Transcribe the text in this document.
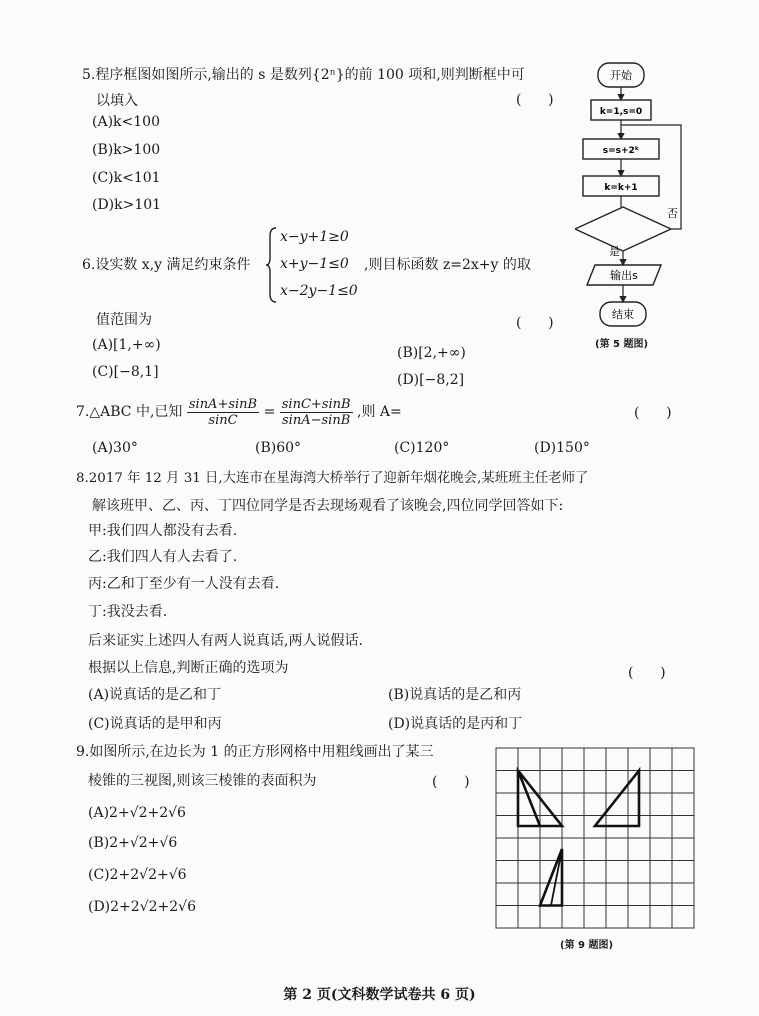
5.程序框图如图所示,输出的 s 是数列{2ⁿ}的前 100 项和,则判断框中可
以填入	(      )
(A)k<100
(B)k>100
(C)k<101
(D)k>101
6.设实数 x,y 满足约束条件
x−y+1≥0
x+y−1≤0
x−2y−1≤0
,则目标函数 z=2x+y 的取
值范围为	(      )
(A)[1,+∞)	(B)[2,+∞)
(C)[−8,1]	(D)[−8,2]
7.△ABC 中,已知 $\frac{\sin A+\sin B}{\sin C} = \frac{\sin C+\sin B}{\sin A-\sin B}$ ,则 A=	(      )
(A)30°	(B)60°	(C)120°	(D)150°
8.2017 年 12 月 31 日,大连市在星海湾大桥举行了迎新年烟花晚会,某班班主任老师了
解该班甲、乙、丙、丁四位同学是否去现场观看了该晚会,四位同学回答如下:
甲:我们四人都没有去看.
乙:我们四人有人去看了.
丙:乙和丁至少有一人没有去看.
丁:我没去看.
后来证实上述四人有两人说真话,两人说假话.
根据以上信息,判断正确的选项为	(      )
(A)说真话的是乙和丁	(B)说真话的是乙和丙
(C)说真话的是甲和丙	(D)说真话的是丙和丁
9.如图所示,在边长为 1 的正方形网格中用粗线画出了某三
棱锥的三视图,则该三棱锥的表面积为	(      )
(A)2+√2+2√6
(B)2+√2+√6
(C)2+2√2+√6
(D)2+2√2+2√6
开始
k=1,s=0
s=s+2ᵏ
k=k+1
否
是
输出s
结束
(第 5 题图)
(第 9 题图)
第 2 页(文科数学试卷共 6 页)
